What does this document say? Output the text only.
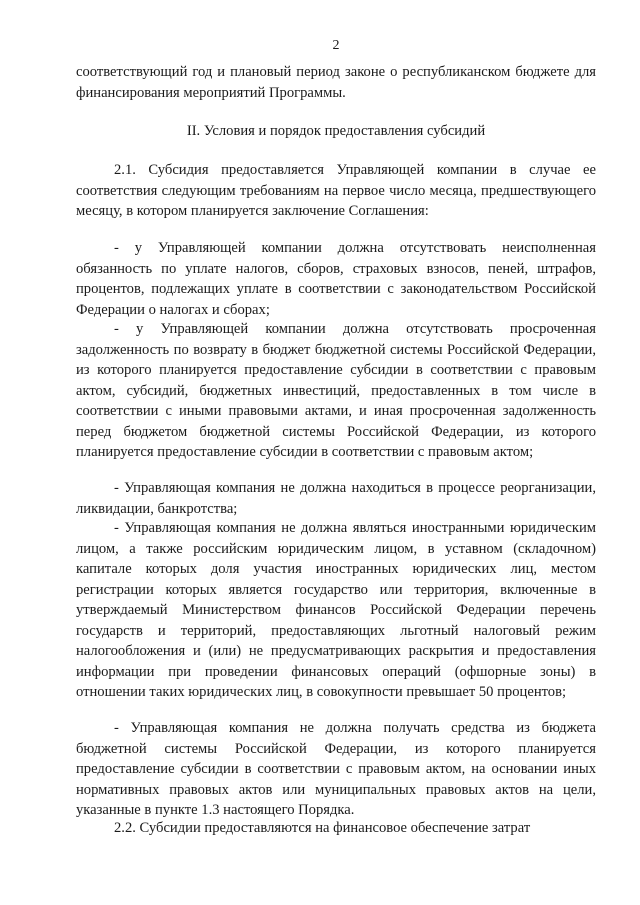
2

соответствующий год и плановый период законе о республиканском бюджете для финансирования мероприятий Программы.

II. Условия и порядок предоставления субсидий

2.1. Субсидия предоставляется Управляющей компании в случае ее соответствия следующим требованиям на первое число месяца, предшествующего месяцу, в котором планируется заключение Соглашения:

- у Управляющей компании должна отсутствовать неисполненная обязанность по уплате налогов, сборов, страховых взносов, пеней, штрафов, процентов, подлежащих уплате в соответствии с законодательством Российской Федерации о налогах и сборах;

- у Управляющей компании должна отсутствовать просроченная задолженность по возврату в бюджет бюджетной системы Российской Федерации, из которого планируется предоставление субсидии в соответствии с правовым актом, субсидий, бюджетных инвестиций, предоставленных в том числе в соответствии с иными правовыми актами, и иная просроченная задолженность перед бюджетом бюджетной системы Российской Федерации, из которого планируется предоставление субсидии в соответствии с правовым актом;

- Управляющая компания не должна находиться в процессе реорганизации, ликвидации, банкротства;

- Управляющая компания не должна являться иностранными юридическим лицом, а также российским юридическим лицом, в уставном (складочном) капитале которых доля участия иностранных юридических лиц, местом регистрации которых является государство или территория, включенные в утверждаемый Министерством финансов Российской Федерации перечень государств и территорий, предоставляющих льготный налоговый режим налогообложения и (или) не предусматривающих раскрытия и предоставления информации при проведении финансовых операций (офшорные зоны) в отношении таких юридических лиц, в совокупности превышает 50 процентов;

- Управляющая компания не должна получать средства из бюджета бюджетной системы Российской Федерации, из которого планируется предоставление субсидии в соответствии с правовым актом, на основании иных нормативных правовых актов или муниципальных правовых актов на цели, указанные в пункте 1.3 настоящего Порядка.

2.2. Субсидии предоставляются на финансовое обеспечение затрат
